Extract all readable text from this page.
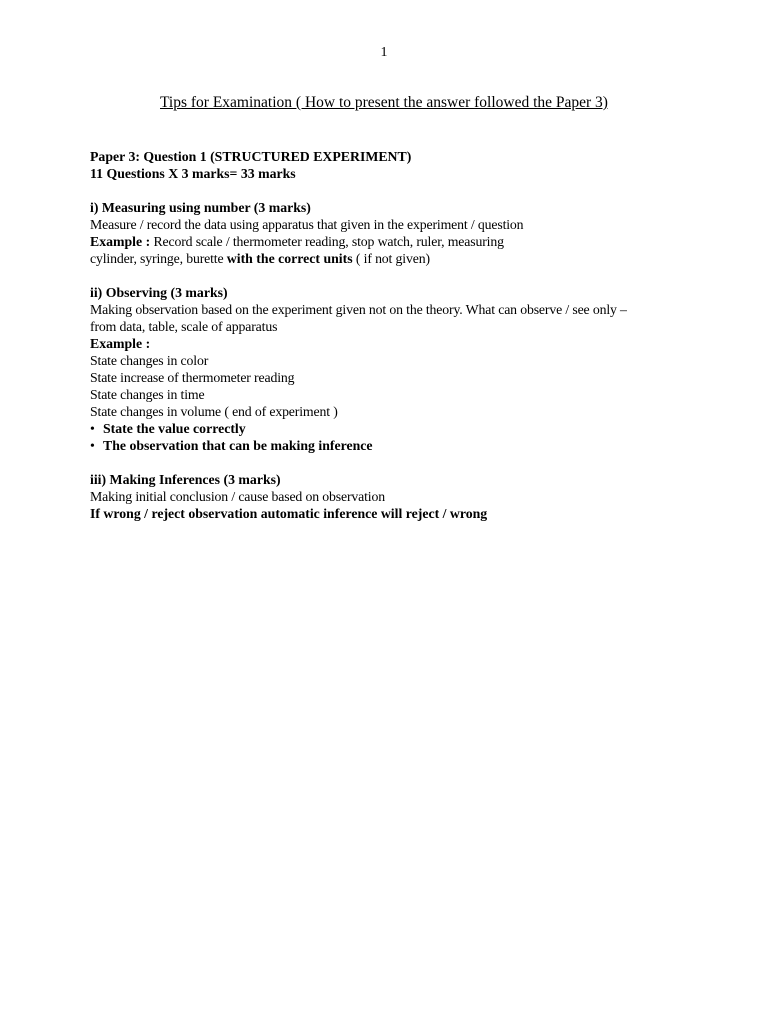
1
Tips for Examination ( How to present the answer followed the Paper 3)
Paper 3: Question 1 (STRUCTURED EXPERIMENT)
11 Questions X 3 marks= 33 marks
i) Measuring using number (3 marks)
Measure / record the data using apparatus that given in the experiment / question
Example : Record scale / thermometer reading, stop watch, ruler, measuring
cylinder, syringe, burette with the correct units ( if not given)
ii) Observing (3 marks)
Making observation based on the experiment given not on the theory. What can observe / see only –
from data, table, scale of apparatus
Example :
State changes in color
State increase of thermometer reading
State changes in time
State changes in volume ( end of experiment )
• State the value correctly
• The observation that can be making inference
iii) Making Inferences (3 marks)
Making initial conclusion / cause based on observation
If wrong / reject observation automatic inference will reject / wrong
